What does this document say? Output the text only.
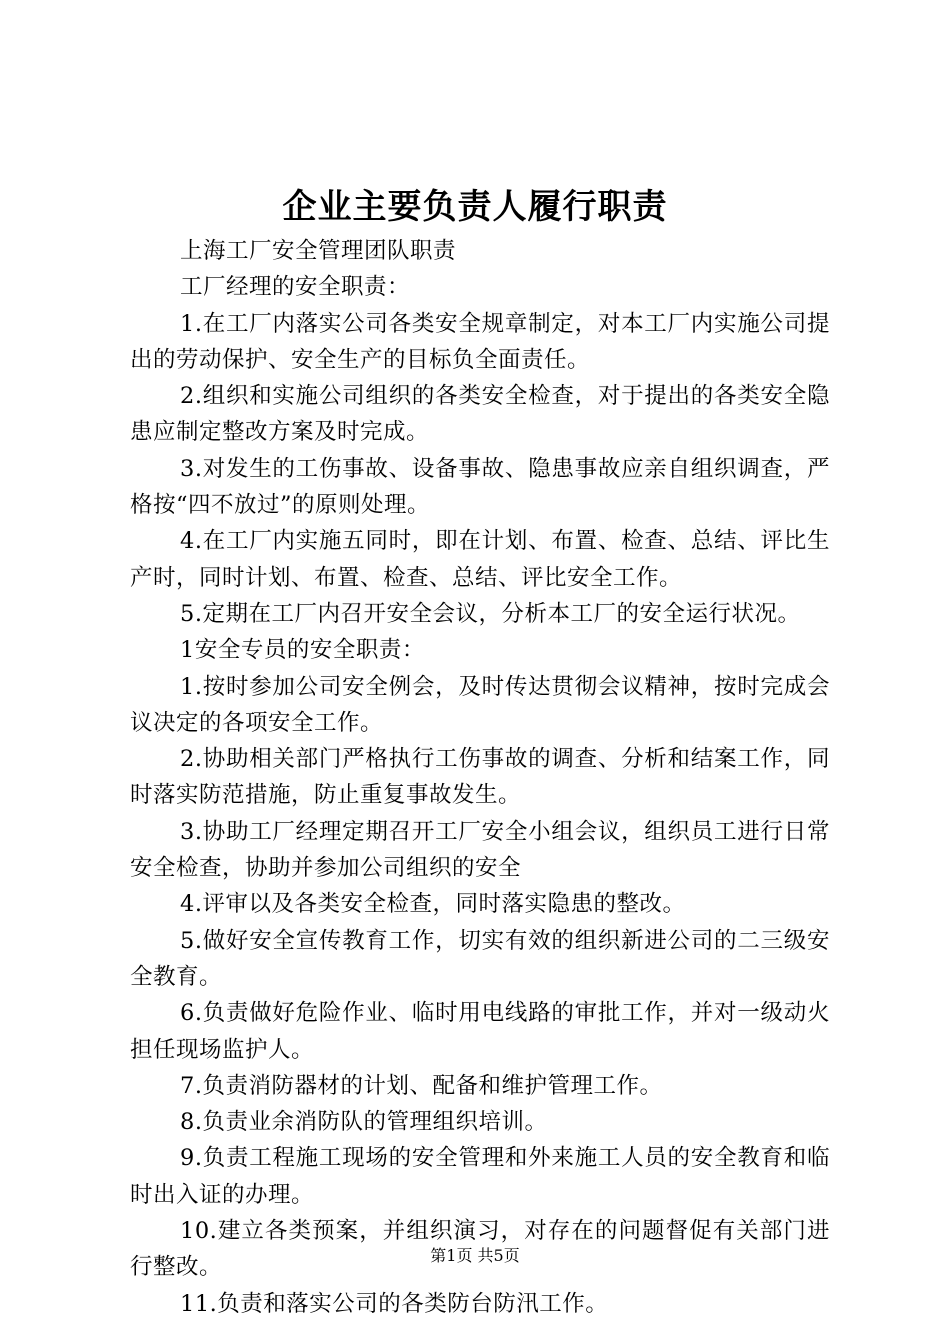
企业主要负责人履行职责

上海工厂安全管理团队职责

工厂经理的安全职责：

1.在工厂内落实公司各类安全规章制定，对本工厂内实施公司提出的劳动保护、安全生产的目标负全面责任。

2.组织和实施公司组织的各类安全检查，对于提出的各类安全隐患应制定整改方案及时完成。

3.对发生的工伤事故、设备事故、隐患事故应亲自组织调查，严格按“四不放过”的原则处理。

4.在工厂内实施五同时，即在计划、布置、检查、总结、评比生产时，同时计划、布置、检查、总结、评比安全工作。

5.定期在工厂内召开安全会议，分析本工厂的安全运行状况。

1安全专员的安全职责：

1.按时参加公司安全例会，及时传达贯彻会议精神，按时完成会议决定的各项安全工作。

2.协助相关部门严格执行工伤事故的调查、分析和结案工作，同时落实防范措施，防止重复事故发生。

3.协助工厂经理定期召开工厂安全小组会议，组织员工进行日常安全检查，协助并参加公司组织的安全

4.评审以及各类安全检查，同时落实隐患的整改。

5.做好安全宣传教育工作，切实有效的组织新进公司的二三级安全教育。

6.负责做好危险作业、临时用电线路的审批工作，并对一级动火担任现场监护人。

7.负责消防器材的计划、配备和维护管理工作。

8.负责业余消防队的管理组织培训。

9.负责工程施工现场的安全管理和外来施工人员的安全教育和临时出入证的办理。

10.建立各类预案，并组织演习，对存在的问题督促有关部门进行整改。

11.负责和落实公司的各类防台防汛工作。

第1页 共5页
